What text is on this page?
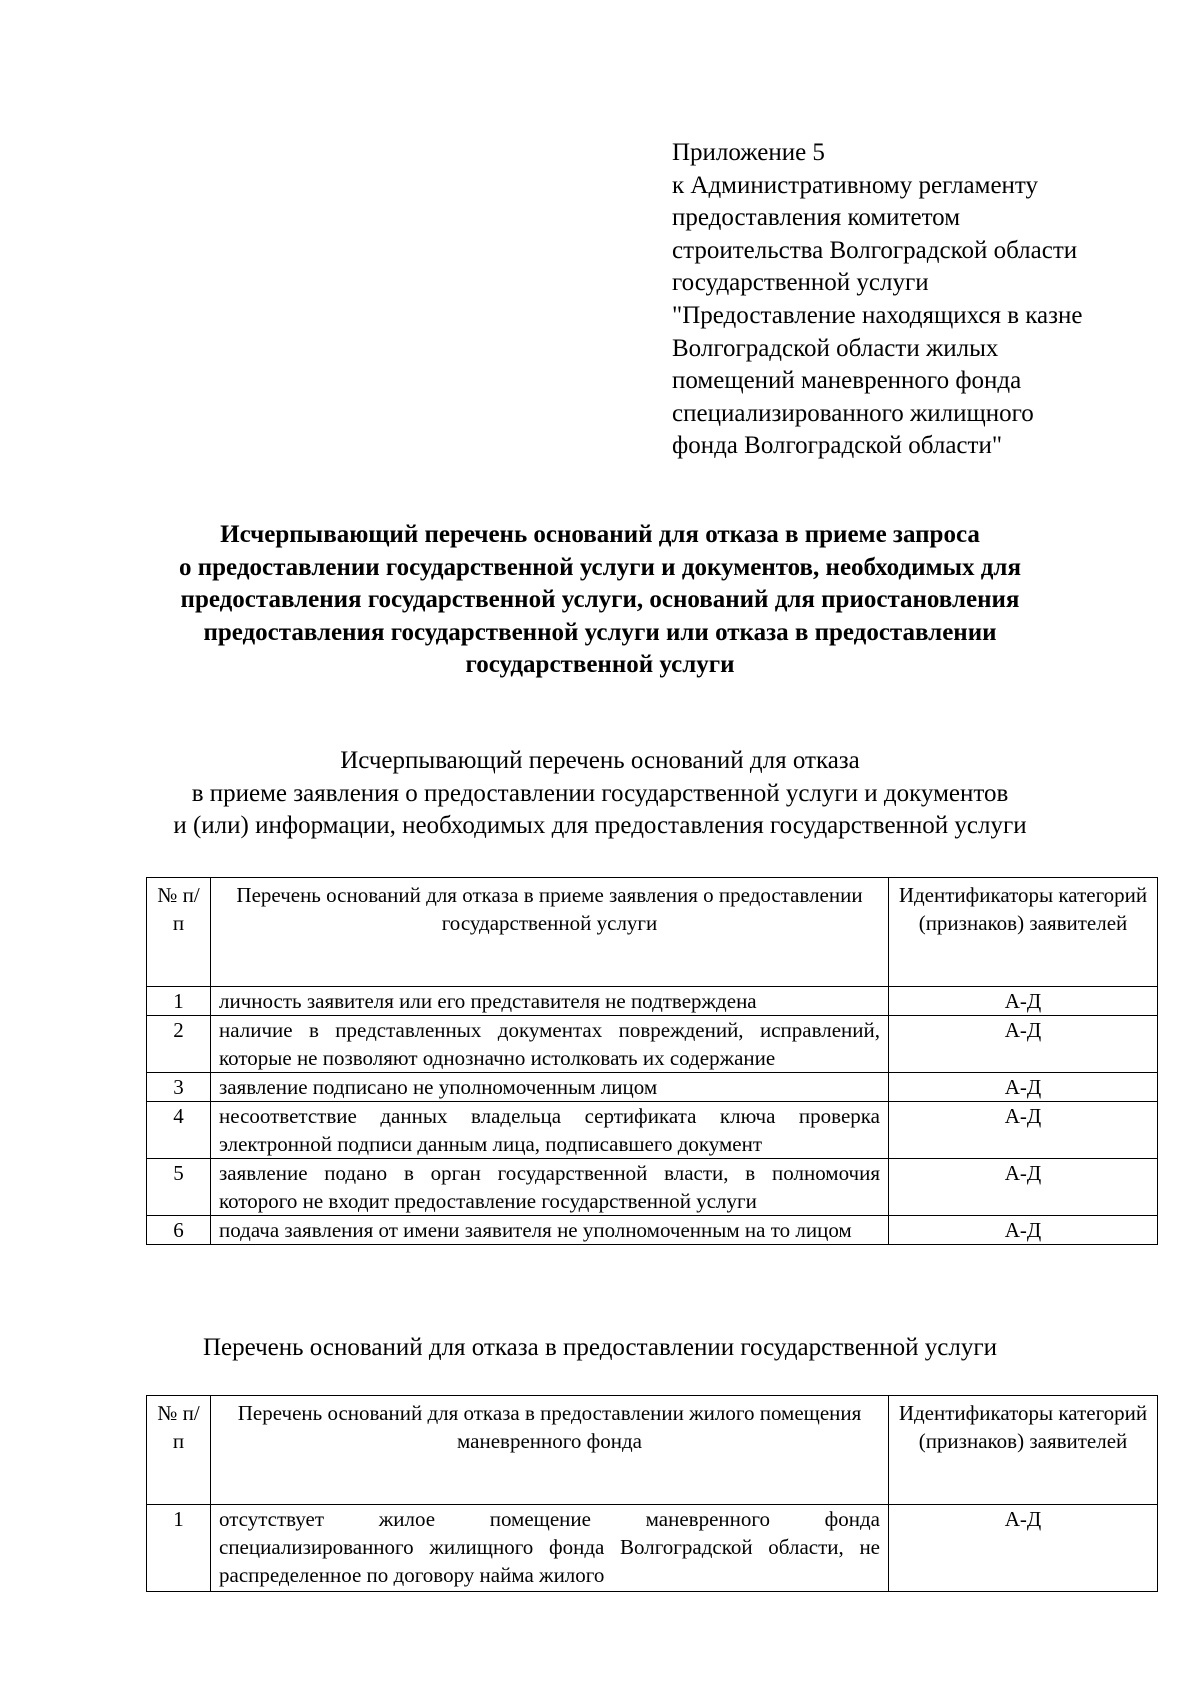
Приложение 5
к Административному регламенту
предоставления комитетом
строительства Волгоградской области
государственной услуги
"Предоставление находящихся в казне
Волгоградской области жилых
помещений маневренного фонда
специализированного жилищного
фонда Волгоградской области"
Исчерпывающий перечень оснований для отказа в приеме запроса
о предоставлении государственной услуги и документов, необходимых для
предоставления государственной услуги, оснований для приостановления
предоставления государственной услуги или отказа в предоставлении
государственной услуги
Исчерпывающий перечень оснований для отказа
в приеме заявления о предоставлении государственной услуги и документов
и (или) информации, необходимых для предоставления государственной услуги
№ п/п	Перечень оснований для отказа в приеме заявления о предоставлении государственной услуги	Идентификаторы категорий (признаков) заявителей
1	личность заявителя или его представителя не подтверждена	А-Д
2	наличие в представленных документах повреждений, исправлений, которые не позволяют однозначно истолковать их содержание	А-Д
3	заявление подписано не уполномоченным лицом	А-Д
4	несоответствие данных владельца сертификата ключа проверка электронной подписи данным лица, подписавшего документ	А-Д
5	заявление подано в орган государственной власти, в полномочия которого не входит предоставление государственной услуги	А-Д
6	подача заявления от имени заявителя не уполномоченным на то лицом	А-Д
Перечень оснований для отказа в предоставлении государственной услуги
№ п/п	Перечень оснований для отказа в предоставлении жилого помещения маневренного фонда	Идентификаторы категорий (признаков) заявителей
1	отсутствует жилое помещение маневренного фонда специализированного жилищного фонда Волгоградской области, не распределенное по договору найма жилого	А-Д
